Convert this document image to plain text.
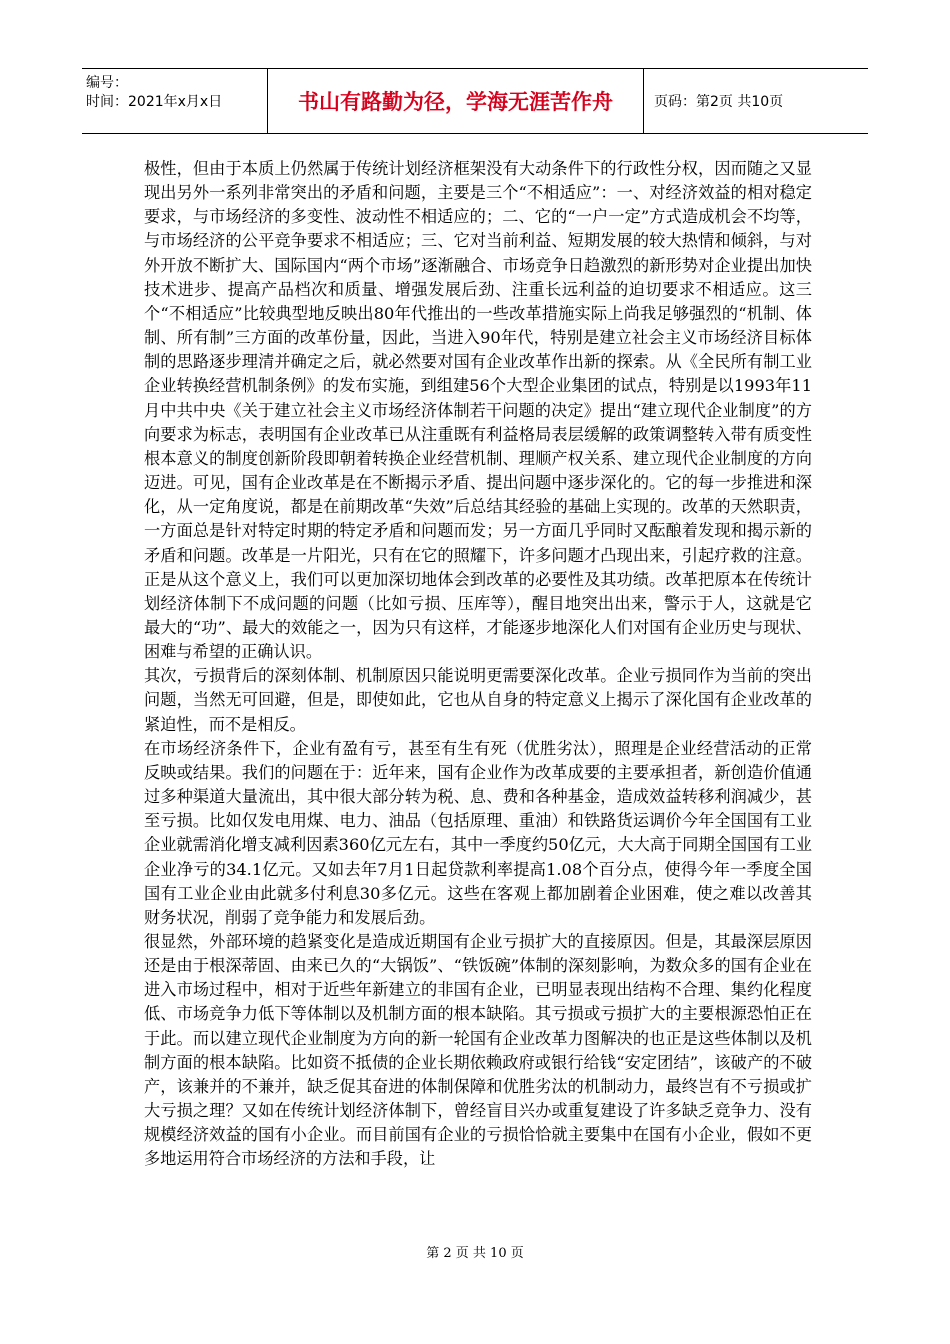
编号：
时间：2021年x月x日	书山有路勤为径，学海无涯苦作舟	页码：第2页 共10页

极性，但由于本质上仍然属于传统计划经济框架没有大动条件下的行政性分权，因而随之又显现出另外一系列非常突出的矛盾和问题，主要是三个“不相适应”：一、对经济效益的相对稳定要求，与市场经济的多变性、波动性不相适应的；二、它的“一户一定”方式造成机会不均等，与市场经济的公平竞争要求不相适应；三、它对当前利益、短期发展的较大热情和倾斜，与对外开放不断扩大、国际国内“两个市场”逐渐融合、市场竞争日趋激烈的新形势对企业提出加快技术进步、提高产品档次和质量、增强发展后劲、注重长远利益的迫切要求不相适应。这三个“不相适应”比较典型地反映出80年代推出的一些改革措施实际上尚我足够强烈的“机制、体制、所有制”三方面的改革份量，因此，当进入90年代，特别是建立社会主义市场经济目标体制的思路逐步理清并确定之后，就必然要对国有企业改革作出新的探索。从《全民所有制工业企业转换经营机制条例》的发布实施，到组建56个大型企业集团的试点，特别是以1993年11月中共中央《关于建立社会主义市场经济体制若干问题的决定》提出“建立现代企业制度”的方向要求为标志，表明国有企业改革已从注重既有利益格局表层缓解的政策调整转入带有质变性根本意义的制度创新阶段即朝着转换企业经营机制、理顺产权关系、建立现代企业制度的方向迈进。可见，国有企业改革是在不断揭示矛盾、提出问题中逐步深化的。它的每一步推进和深化，从一定角度说，都是在前期改革“失效”后总结其经验的基础上实现的。改革的天然职责，一方面总是针对特定时期的特定矛盾和问题而发；另一方面几乎同时又酝酿着发现和揭示新的矛盾和问题。改革是一片阳光，只有在它的照耀下，许多问题才凸现出来，引起疗救的注意。正是从这个意义上，我们可以更加深切地体会到改革的必要性及其功绩。改革把原本在传统计划经济体制下不成问题的问题（比如亏损、压库等），醒目地突出出来，警示于人，这就是它最大的“功”、最大的效能之一，因为只有这样，才能逐步地深化人们对国有企业历史与现状、困难与希望的正确认识。

其次，亏损背后的深刻体制、机制原因只能说明更需要深化改革。企业亏损同作为当前的突出问题，当然无可回避，但是，即使如此，它也从自身的特定意义上揭示了深化国有企业改革的紧迫性，而不是相反。

在市场经济条件下，企业有盈有亏，甚至有生有死（优胜劣汰），照理是企业经营活动的正常反映或结果。我们的问题在于：近年来，国有企业作为改革成要的主要承担者，新创造价值通过多种渠道大量流出，其中很大部分转为税、息、费和各种基金，造成效益转移利润减少，甚至亏损。比如仅发电用煤、电力、油品（包括原理、重油）和铁路货运调价今年全国国有工业企业就需消化增支减利因素360亿元左右，其中一季度约50亿元，大大高于同期全国国有工业企业净亏的34.1亿元。又如去年7月1日起贷款利率提高1.08个百分点，使得今年一季度全国国有工业企业由此就多付利息30多亿元。这些在客观上都加剧着企业困难，使之难以改善其财务状况，削弱了竞争能力和发展后劲。

很显然，外部环境的趋紧变化是造成近期国有企业亏损扩大的直接原因。但是，其最深层原因还是由于根深蒂固、由来已久的“大锅饭”、“铁饭碗”体制的深刻影响，为数众多的国有企业在进入市场过程中，相对于近些年新建立的非国有企业，已明显表现出结构不合理、集约化程度低、市场竞争力低下等体制以及机制方面的根本缺陷。其亏损或亏损扩大的主要根源恐怕正在于此。而以建立现代企业制度为方向的新一轮国有企业改革力图解决的也正是这些体制以及机制方面的根本缺陷。比如资不抵债的企业长期依赖政府或银行给钱“安定团结”，该破产的不破产，该兼并的不兼并，缺乏促其奋进的体制保障和优胜劣汰的机制动力，最终岂有不亏损或扩大亏损之理？又如在传统计划经济体制下，曾经盲目兴办或重复建设了许多缺乏竞争力、没有规模经济效益的国有小企业。而目前国有企业的亏损恰恰就主要集中在国有小企业，假如不更多地运用符合市场经济的方法和手段，让

第 2 页 共 10 页
